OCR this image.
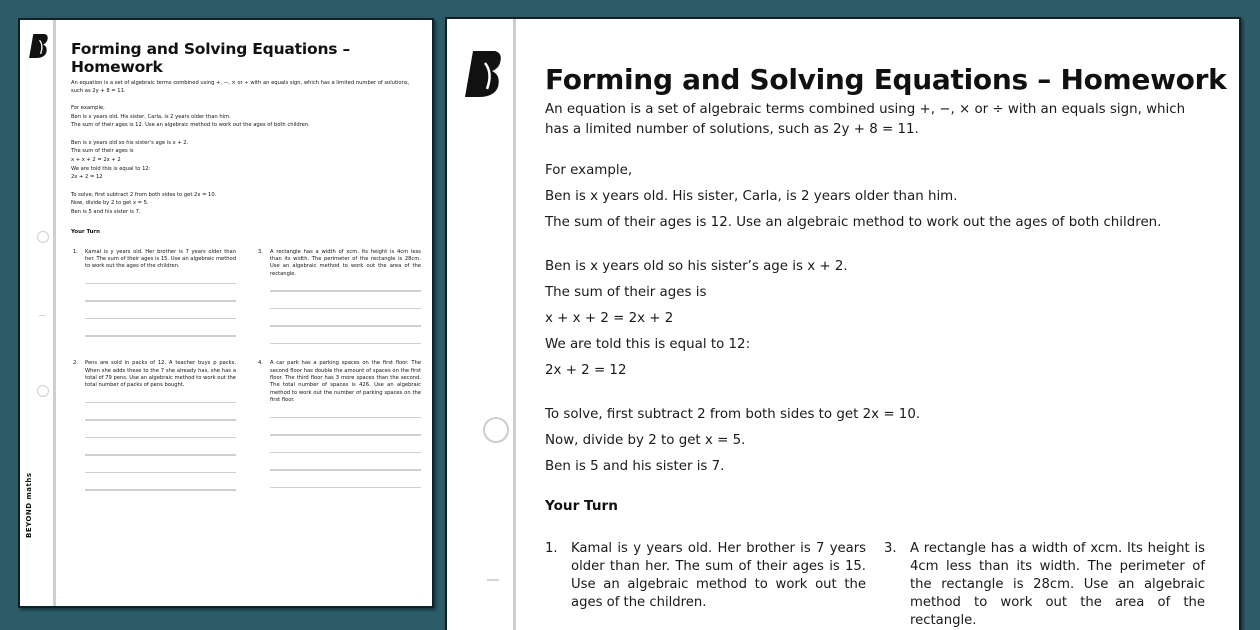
BEYOND maths
Forming and Solving Equations – Homework

An equation is a set of algebraic terms combined using +, −, × or ÷ with an equals sign, which has a limited number of solutions, such as 2y + 8 = 11.

For example,
Ben is x years old. His sister, Carla, is 2 years older than him.
The sum of their ages is 12. Use an algebraic method to work out the ages of both children.
Ben is x years old so his sister’s age is x + 2.
The sum of their ages is
x + x + 2 = 2x + 2
We are told this is equal to 12:
2x + 2 = 12
To solve, first subtract 2 from both sides to get 2x = 10.
Now, divide by 2 to get x = 5.
Ben is 5 and his sister is 7.
Your Turn
1.	Kamal is y years old. Her brother is 7 years older than her. The sum of their ages is 15. Use an algebraic method to work out the ages of the children.
3.	A rectangle has a width of xcm. Its height is 4cm less than its width. The perimeter of the rectangle is 28cm. Use an algebraic method to work out the area of the rectangle.
2.	Pens are sold in packs of 12. A teacher buys p packs. When she adds these to the 7 she already has, she has a total of 79 pens. Use an algebraic method to work out the total number of packs of pens bought.
4.	A car park has a parking spaces on the first floor. The second floor has double the amount of spaces on the first floor. The third floor has 3 more spaces than the second. The total number of spaces is 426. Use an algebraic method to work out the number of parking spaces on the first floor.
Forming and Solving Equations – Homework

An equation is a set of algebraic terms combined using +, −, × or ÷ with an equals sign, which has a limited number of solutions, such as 2y + 8 = 11.

For example,
Ben is x years old. His sister, Carla, is 2 years older than him.
The sum of their ages is 12. Use an algebraic method to work out the ages of both children.
Ben is x years old so his sister’s age is x + 2.
The sum of their ages is
x + x + 2 = 2x + 2
We are told this is equal to 12:
2x + 2 = 12
To solve, first subtract 2 from both sides to get 2x = 10.
Now, divide by 2 to get x = 5.
Ben is 5 and his sister is 7.
Your Turn
1.	Kamal is y years old. Her brother is 7 years older than her. The sum of their ages is 15. Use an algebraic method to work out the ages of the children.
3.	A rectangle has a width of xcm. Its height is 4cm less than its width. The perimeter of the rectangle is 28cm. Use an algebraic method to work out the area of the rectangle.
